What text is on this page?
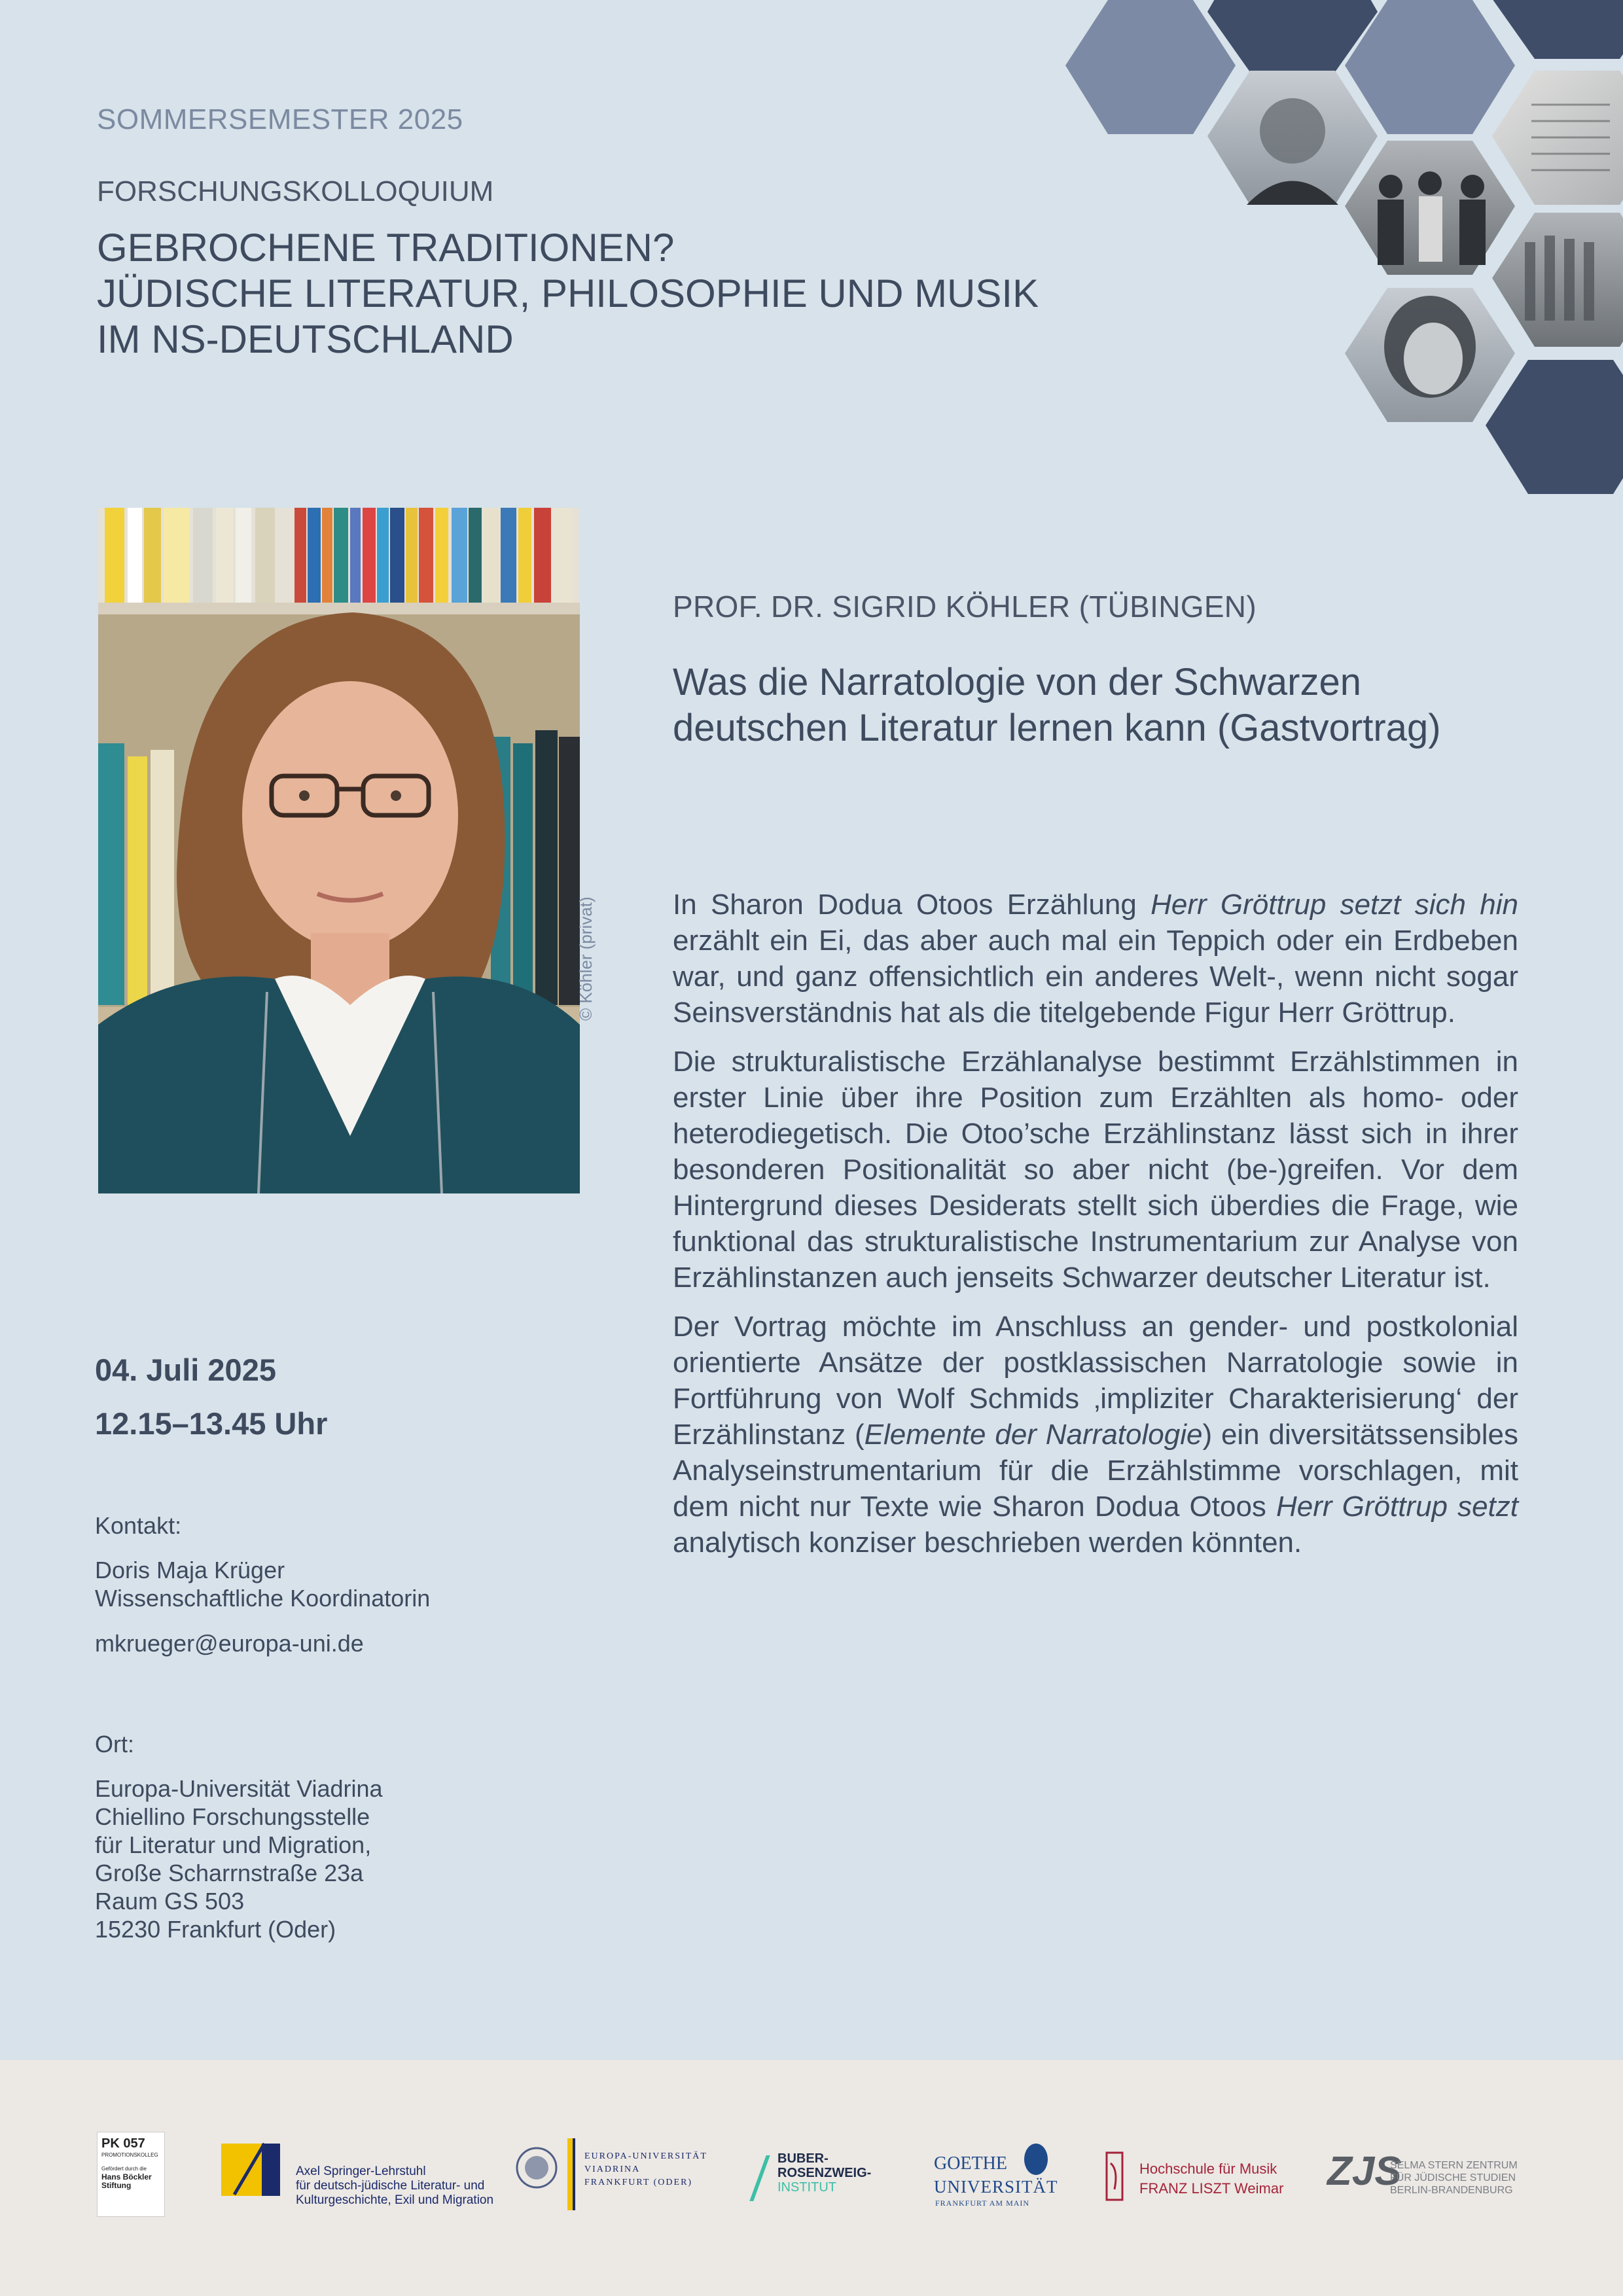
SOMMERSEMESTER 2025
FORSCHUNGSKOLLOQUIUM
GEBROCHENE TRADITIONEN?
JÜDISCHE LITERATUR, PHILOSOPHIE UND MUSIK
IM NS-DEUTSCHLAND
© Köhler (privat)
PROF. DR. SIGRID KÖHLER (TÜBINGEN)
Was die Narratologie von der Schwarzen
deutschen Literatur lernen kann (Gastvortrag)

In Sharon Dodua Otoos Erzählung Herr Gröttrup setzt sich hin erzählt ein Ei, das aber auch mal ein Teppich oder ein Erdbeben war, und ganz offensichtlich ein anderes Welt-, wenn nicht sogar Seinsverständnis hat als die titelgebende Figur Herr Gröttrup.

Die strukturalistische Erzählanalyse bestimmt Erzählstimmen in erster Linie über ihre Position zum Erzählten als homo- oder heterodiegetisch. Die Otoo’sche Erzählinstanz lässt sich in ihrer besonderen Positionalität so aber nicht (be-)greifen. Vor dem Hintergrund dieses Desiderats stellt sich überdies die Frage, wie funktional das strukturalistische Instrumentarium zur Analyse von Erzählinstanzen auch jenseits Schwarzer deutscher Literatur ist.

Der Vortrag möchte im Anschluss an gender- und postkolonial orientierte Ansätze der postklassischen Narratologie sowie in Fortführung von Wolf Schmids ‚impliziter Charakterisierung‘ der Erzählinstanz (Elemente der Narratologie) ein diversitätssensibles Analyseinstrumentarium für die Erzählstimme vorschlagen, mit dem nicht nur Texte wie Sharon Dodua Otoos Herr Gröttrup setzt analytisch konziser beschrieben werden könnten.

04. Juli 2025
12.15–13.45 Uhr
Kontakt:
Doris Maja Krüger
Wissenschaftliche Koordinatorin
mkrueger@europa-uni.de
Ort:
Europa-Universität Viadrina
Chiellino Forschungsstelle
für Literatur und Migration,
Große Scharrnstraße 23a
Raum GS 503
15230 Frankfurt (Oder)
PK 057
PROMOTIONSKOLLEG
Gefördert durch die
Hans Böckler
Stiftung
Axel Springer-Lehrstuhl
für deutsch-jüdische Literatur- und
Kulturgeschichte, Exil und Migration
EUROPA-UNIVERSITÄT
VIADRINA
FRANKFURT (ODER)
BUBER-
ROSENZWEIG-
INSTITUT
GOETHE
UNIVERSITÄT
FRANKFURT AM MAIN
Hochschule für Musik
FRANZ LISZT Weimar ZJS
SELMA STERN ZENTRUM
FÜR JÜDISCHE STUDIEN
BERLIN-BRANDENBURG
